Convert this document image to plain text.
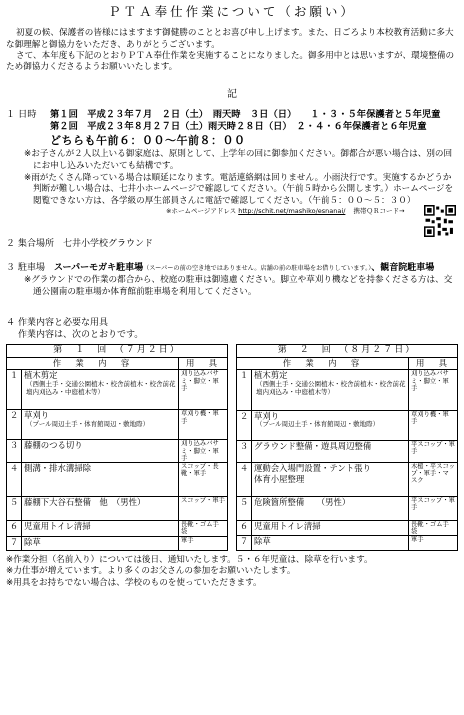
ＰＴＡ奉仕作業について（お願い）

初夏の候、保護者の皆様にはますます御健勝のこととお喜び申し上げます。また、日ごろより本校教育活動に多大な御理解と御協力をいただき、ありがとうございます。

さて、本年度も下記のとおりＰＴＡ奉仕作業を実施することになりました。御多用中とは思いますが、環境整備のため御協力くださるようお願いいたします。

記
１ 日時	第１回　平成２３年７月　２日（土）　雨天時　３日（日）　　１・３・５年保護者と５年児童
第２回　平成２３年８月２７日（土）雨天時２８日（日）　２・４・６年保護者と６年児童
どちらも午前６：００～午前８：００
※お子さんが２人以上いる御家庭は、原則として、上学年の回に御参加ください。御都合が悪い場合は、別の回にお申し込みいただいても結構です。
※雨がたくさん降っている場合は順延になります。電話連絡網は回りません。小雨決行です。実施するかどうか判断が難しい場合は、七井小ホームページで確認してください。（午前５時から公開します。）ホームページを閲覧できない方は、各学級の厚生部員さんに電話で確認してください。（午前５：００～５：３０）
※ホームページアドレス http://schit.net/mashiko/esnanai/ 携帯ＱＲコード→
２ 集合場所　七井小学校グラウンド
３ 駐車場 スーパーモガキ駐車場（スーパーの前の空き地ではありません。店舗の前の駐車場をお借りしています。）、観音院駐車場
※グラウンドでの作業の都合から、校庭の駐車は御遠慮ください。脚立や草刈り機などを持参くださる方は、交通公園南の駐車場か体育館前駐車場を利用してください。
４ 作業内容と必要な用具
作業内容は、次のとおりです。
第　１　回　（７月２日）		
作　業　内　容		用　具
１	植木剪定
（西側土手・交通公園植木・校舎前植木・校舎前花壇内刈込み・中庭植木等）	刈り込みバサミ・脚立・軍手
２	草刈り
（プール周辺土手・体育館周辺・敷地際）	草刈り機・軍手
３	藤棚のつる切り	刈り込みバサミ・脚立・軍手
４	側溝・排水溝掃除	スコップ・長靴・軍手
５	藤棚下大谷石整備　他　（男性）	スコップ・軍手
６	児童用トイレ清掃	長靴・ゴム手袋
７	除草	軍手
第　２　回　（８月２７日）		
作　業　内　容		用　具
１	植木剪定
（西側土手・交通公園植木・校舎前植木・校舎前花壇内刈込み・中庭植木等）	刈り込みバサミ・脚立・軍手
２	草刈り
（プール周辺土手・体育館周辺・敷地際）	草刈り機・軍手
３	グラウンド整備・遊具周辺整備	平スコップ・軍手
４	運動会入場門設置・テント張り
体育小屋整理	木槌・平スコップ・軍手・マスク
５	危険箇所整備　　（男性）	平スコップ・軍手
６	児童用トイレ清掃	長靴・ゴム手袋
７	除草	軍手
※作業分担（名前入り）については後日、通知いたします。５・６年児童は、除草を行います。
※力仕事が増えています。より多くのお父さんの参加をお願いいたします。
※用具をお持ちでない場合は、学校のものを使っていただきます。
